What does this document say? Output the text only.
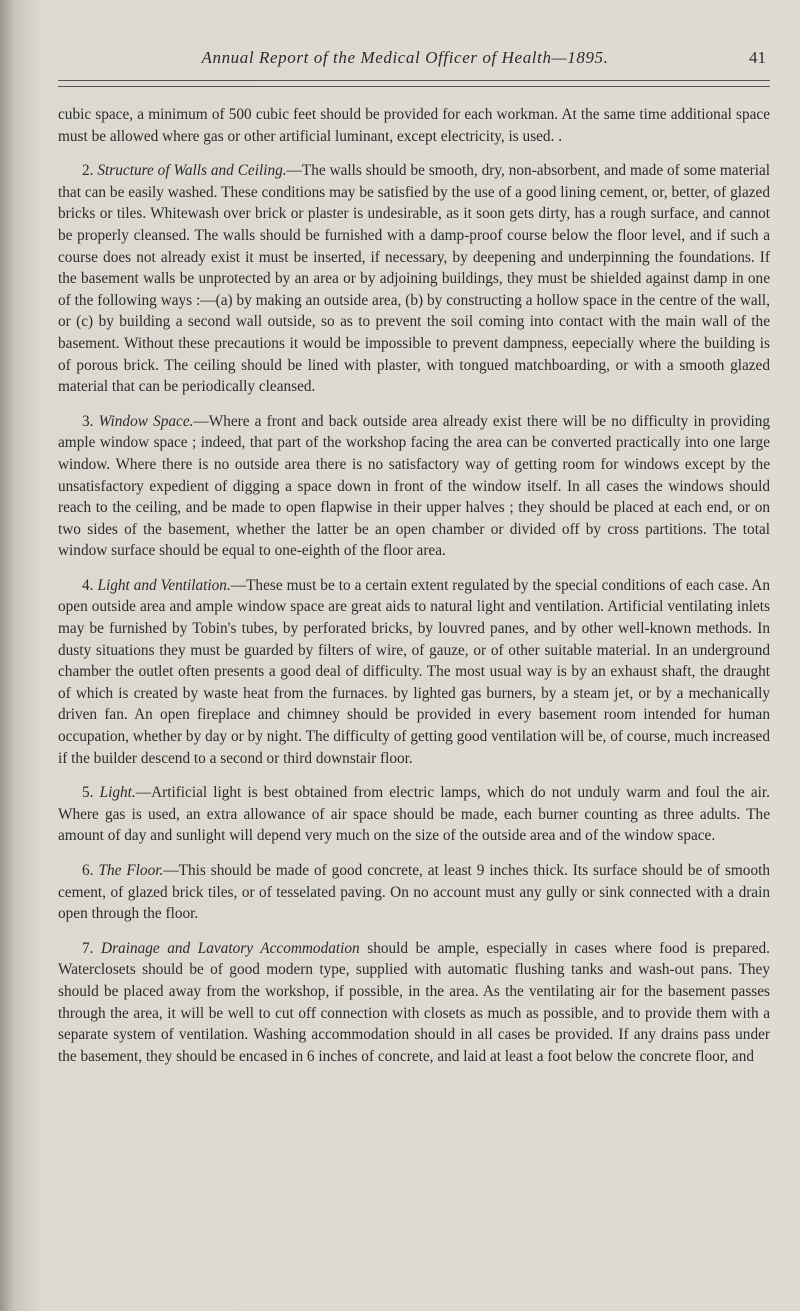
Annual Report of the Medical Officer of Health—1895.	41

cubic space, a minimum of 500 cubic feet should be provided for each workman. At the same time additional space must be allowed where gas or other artificial luminant, except electricity, is used. .

2. Structure of Walls and Ceiling.—The walls should be smooth, dry, non-absorbent, and made of some material that can be easily washed. These conditions may be satisfied by the use of a good lining cement, or, better, of glazed bricks or tiles. Whitewash over brick or plaster is undesirable, as it soon gets dirty, has a rough surface, and cannot be properly cleansed. The walls should be furnished with a damp-proof course below the floor level, and if such a course does not already exist it must be inserted, if necessary, by deepening and underpinning the foundations. If the basement walls be unprotected by an area or by adjoining buildings, they must be shielded against damp in one of the following ways :—(a) by making an outside area, (b) by constructing a hollow space in the centre of the wall, or (c) by building a second wall outside, so as to prevent the soil coming into contact with the main wall of the basement. Without these precautions it would be impossible to prevent dampness, eepecially where the building is of porous brick. The ceiling should be lined with plaster, with tongued matchboarding, or with a smooth glazed material that can be periodically cleansed.

3. Window Space.—Where a front and back outside area already exist there will be no difficulty in providing ample window space ; indeed, that part of the workshop facing the area can be converted practically into one large window. Where there is no outside area there is no satisfactory way of getting room for windows except by the unsatisfactory expedient of digging a space down in front of the window itself. In all cases the windows should reach to the ceiling, and be made to open flapwise in their upper halves ; they should be placed at each end, or on two sides of the basement, whether the latter be an open chamber or divided off by cross partitions. The total window surface should be equal to one-eighth of the floor area.

4. Light and Ventilation.—These must be to a certain extent regulated by the special conditions of each case. An open outside area and ample window space are great aids to natural light and ventilation. Artificial ventilating inlets may be furnished by Tobin's tubes, by perforated bricks, by louvred panes, and by other well-known methods. In dusty situations they must be guarded by filters of wire, of gauze, or of other suitable material. In an underground chamber the outlet often presents a good deal of difficulty. The most usual way is by an exhaust shaft, the draught of which is created by waste heat from the furnaces. by lighted gas burners, by a steam jet, or by a mechanically driven fan. An open fireplace and chimney should be provided in every basement room intended for human occupation, whether by day or by night. The difficulty of getting good ventilation will be, of course, much increased if the builder descend to a second or third downstair floor.

5. Light.—Artificial light is best obtained from electric lamps, which do not unduly warm and foul the air. Where gas is used, an extra allowance of air space should be made, each burner counting as three adults. The amount of day and sunlight will depend very much on the size of the outside area and of the window space.

6. The Floor.—This should be made of good concrete, at least 9 inches thick. Its surface should be of smooth cement, of glazed brick tiles, or of tesselated paving. On no account must any gully or sink connected with a drain open through the floor.

7. Drainage and Lavatory Accommodation should be ample, especially in cases where food is prepared. Waterclosets should be of good modern type, supplied with automatic flushing tanks and wash-out pans. They should be placed away from the workshop, if possible, in the area. As the ventilating air for the basement passes through the area, it will be well to cut off connection with closets as much as possible, and to provide them with a separate system of ventilation. Washing accommodation should in all cases be provided. If any drains pass under the basement, they should be encased in 6 inches of concrete, and laid at least a foot below the concrete floor, and
